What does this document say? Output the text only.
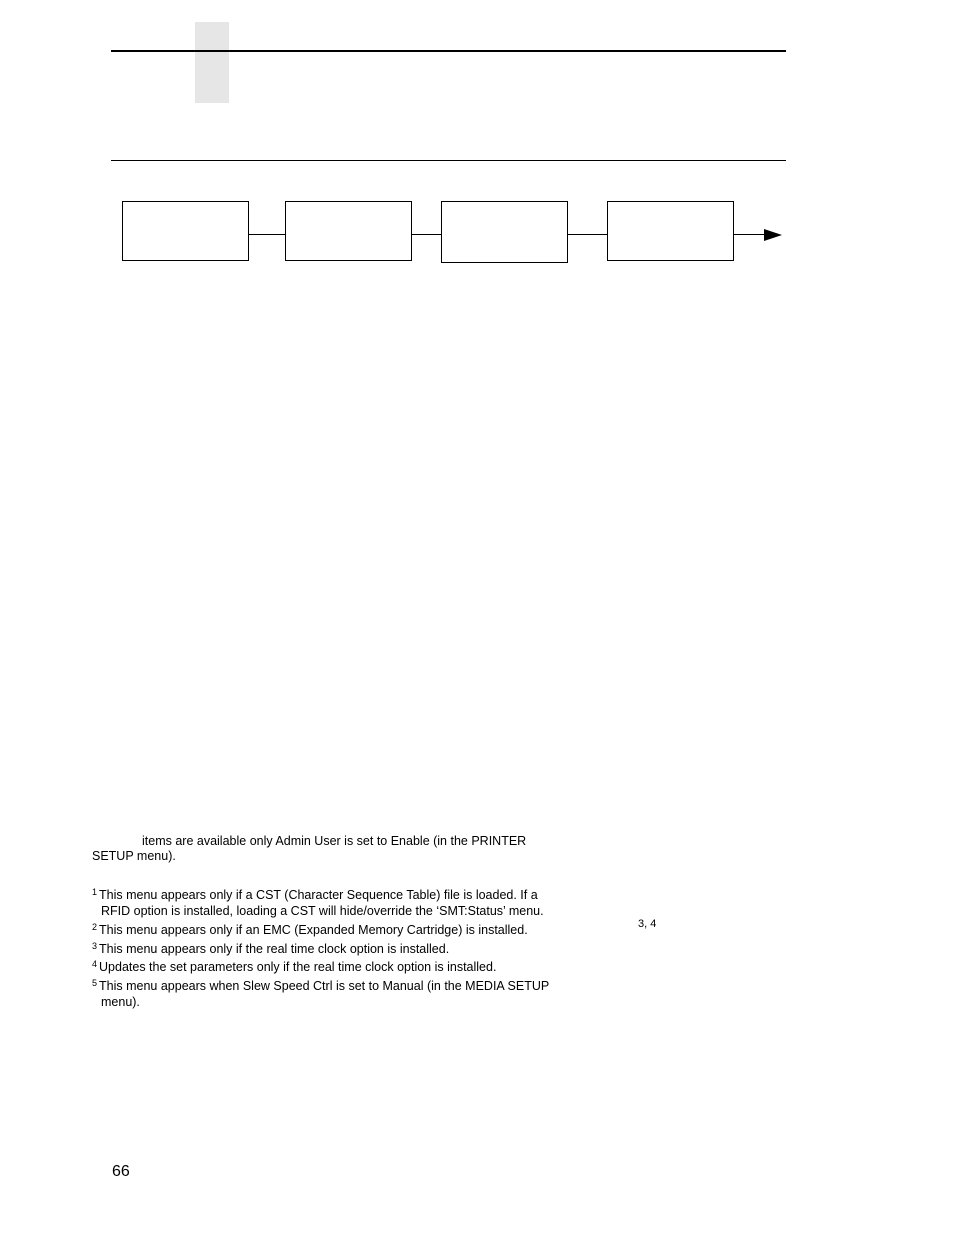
items are available only Admin User is set to Enable (in the PRINTER
SETUP menu).
$^1$ This menu appears only if a CST (Character Sequence Table) file is loaded. If a
RFID option is installed, loading a CST will hide/override the ‘SMT:Status’ menu.
$^2$ This menu appears only if an EMC (Expanded Memory Cartridge) is installed.
$^3$ This menu appears only if the real time clock option is installed.
$^4$ Updates the set parameters only if the real time clock option is installed.
$^5$ This menu appears when Slew Speed Ctrl is set to Manual (in the MEDIA SETUP
menu).
3, 4
66
